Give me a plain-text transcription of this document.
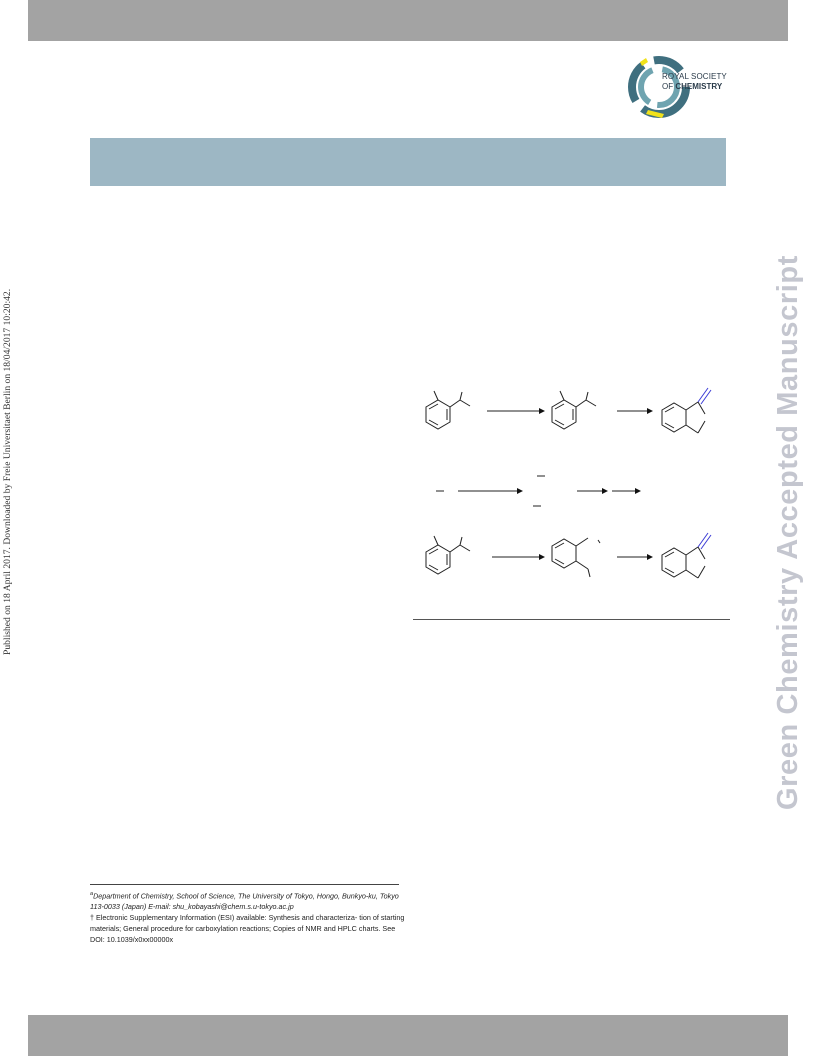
ROYAL SOCIETY
OF CHEMISTRY
Published on 18 April 2017. Downloaded by Freie Universitaet Berlin on 18/04/2017 10:20:42.	Green Chemistry Accepted Manuscript

$^a$Department of Chemistry, School of Science, The University of Tokyo, Hongo, Bunkyo-ku, Tokyo 113-0033 (Japan) E-mail: shu_kobayashi@chem.s.u-tokyo.ac.jp

† Electronic Supplementary Information (ESI) available: Synthesis and characteriza- tion of starting materials; General procedure for carboxylation reactions; Copies of NMR and HPLC charts. See DOI: 10.1039/x0xx00000x
